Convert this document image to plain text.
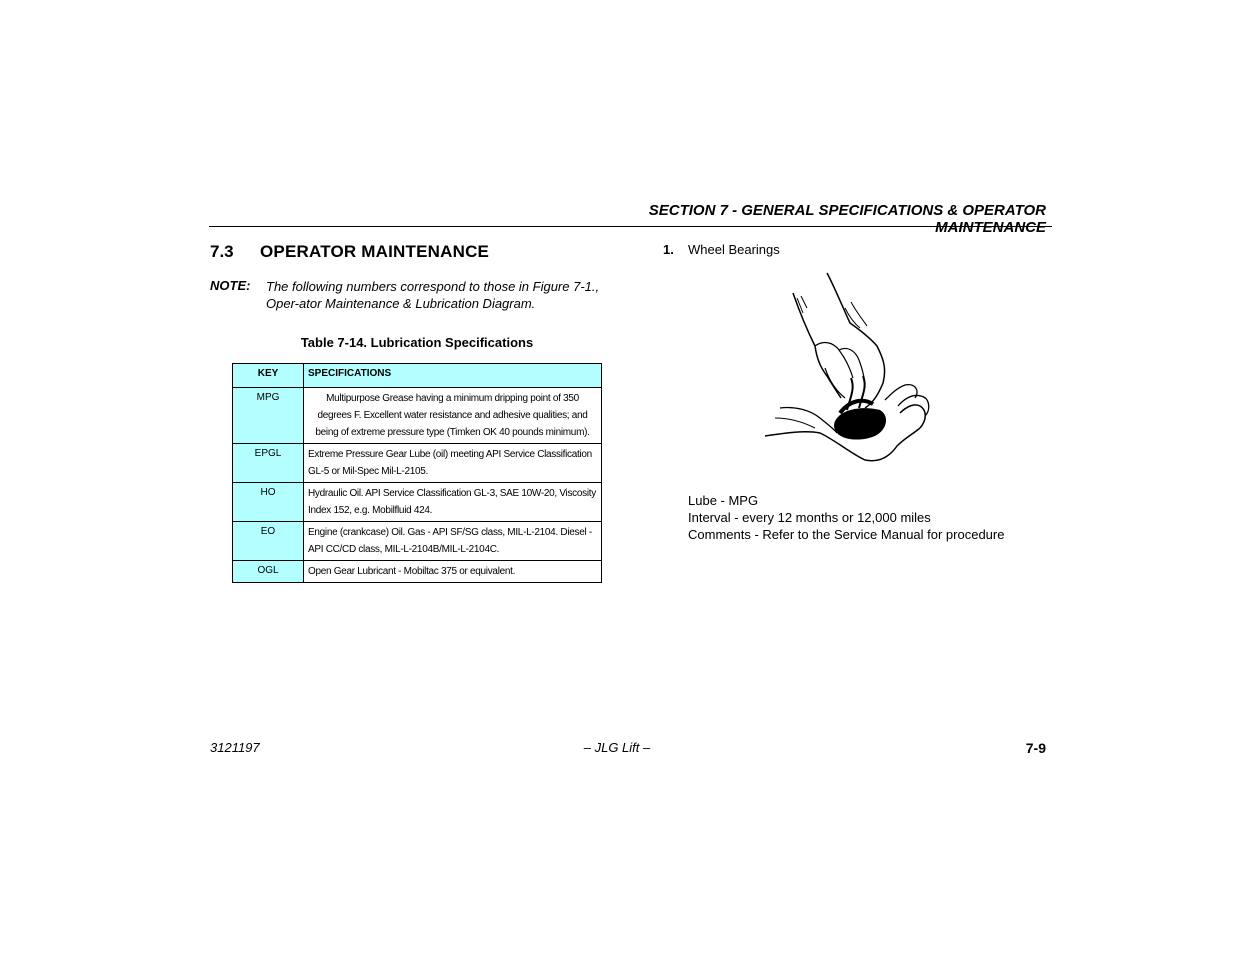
SECTION 7 - GENERAL SPECIFICATIONS & OPERATOR MAINTENANCE
7.3 OPERATOR MAINTENANCE
NOTE: The following numbers correspond to those in Figure 7-1., Oper-ator Maintenance & Lubrication Diagram.
Table 7-14. Lubrication Specifications
KEY	SPECIFICATIONS
MPG	Multipurpose Grease having a minimum dripping point of 350 degrees F. Excellent water resistance and adhesive qualities; and being of extreme pressure type (Timken OK 40 pounds minimum).
EPGL	Extreme Pressure Gear Lube (oil) meeting API Service Classification GL-5 or Mil-Spec Mil-L-2105.
HO	Hydraulic Oil. API Service Classification GL-3, SAE 10W-20, Viscosity Index 152, e.g. Mobilfluid 424.
EO	Engine (crankcase) Oil. Gas - API SF/SG class, MIL-L-2104. Diesel - API CC/CD class, MIL-L-2104B/MIL-L-2104C.
OGL	Open Gear Lubricant - Mobiltac 375 or equivalent.
1. Wheel Bearings
Lube - MPG
Interval - every 12 months or 12,000 miles
Comments - Refer to the Service Manual for procedure
3121197	– JLG Lift –	7-9
